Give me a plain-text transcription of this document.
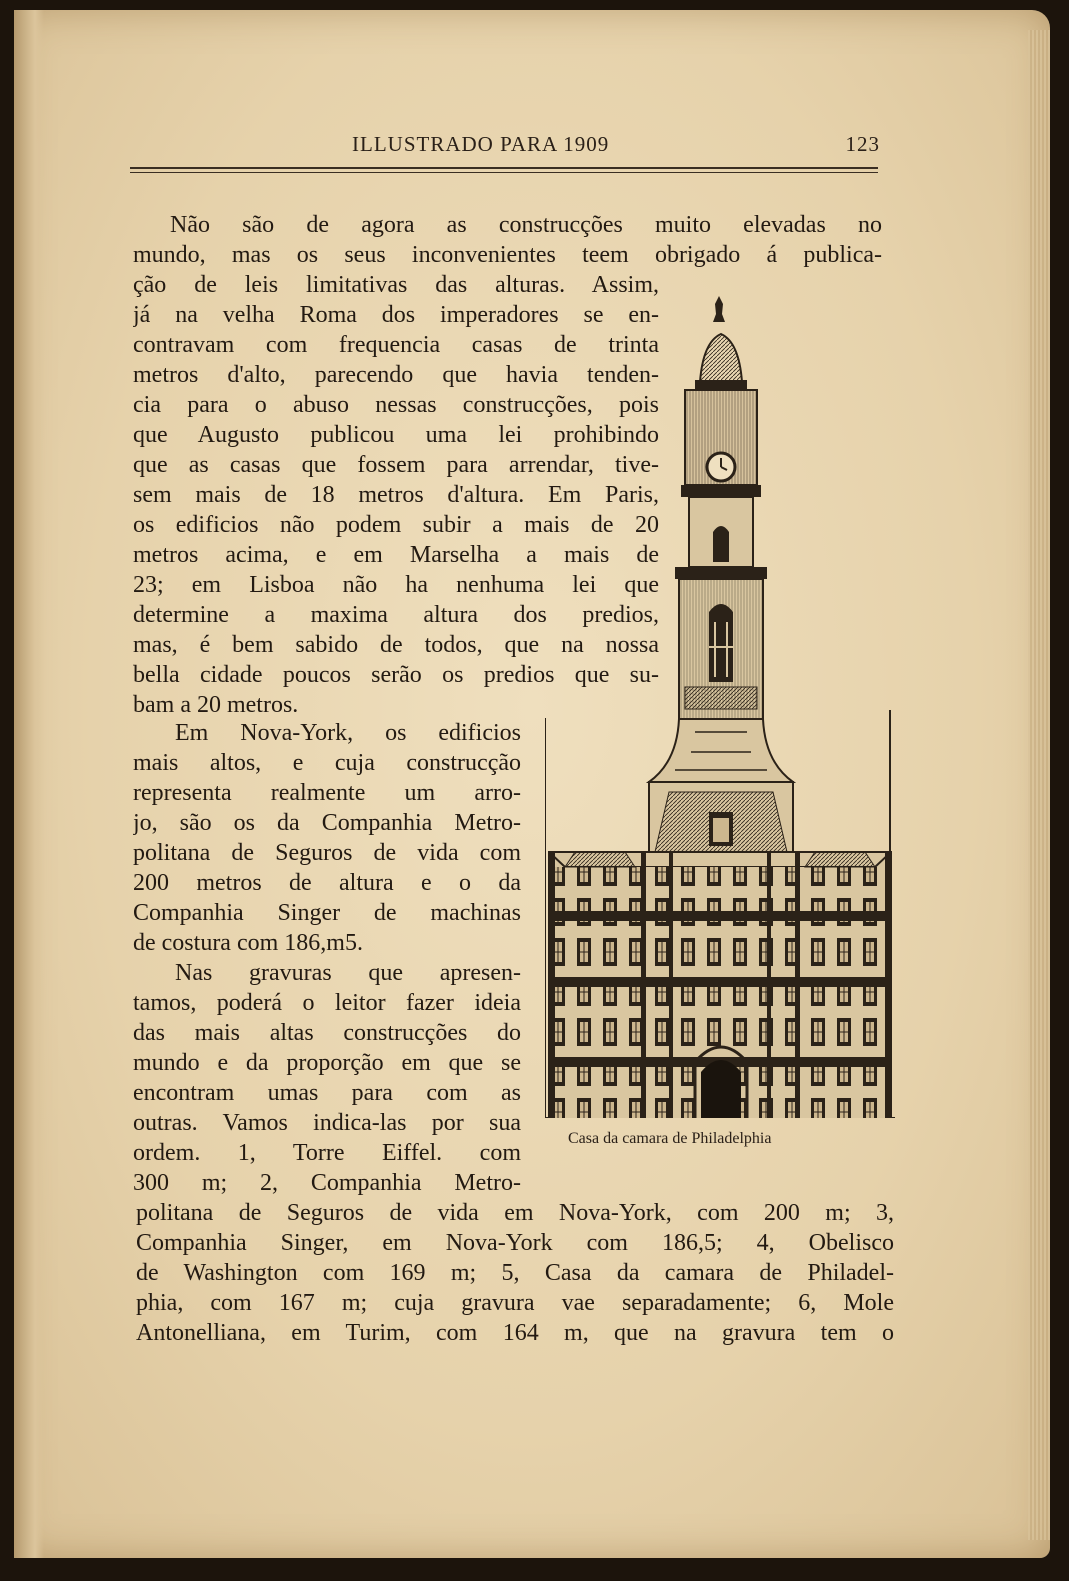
ILLUSTRADO PARA 1909	123
Não são de agora as construcções muito elevadas no
mundo, mas os seus inconvenientes teem obrigado á publica-
ção de leis limitativas das alturas. Assim,
já na velha Roma dos imperadores se en-
contravam com frequencia casas de trinta
metros d'alto, parecendo que havia tenden-
cia para o abuso nessas construcções, pois
que Augusto publicou uma lei prohibindo
que as casas que fossem para arrendar, tive-
sem mais de 18 metros d'altura. Em Paris,
os edificios não podem subir a mais de 20
metros acima, e em Marselha a mais de
23; em Lisboa não ha nenhuma lei que
determine a maxima altura dos predios,
mas, é bem sabido de todos, que na nossa
bella cidade poucos serão os predios que su-
bam a 20 metros.
Em Nova-York, os edificios
mais altos, e cuja construcção
representa realmente um arro-
jo, são os da Companhia Metro-
politana de Seguros de vida com
200 metros de altura e o da
Companhia Singer de machinas
de costura com 186,m5.
Nas gravuras que apresen-
tamos, poderá o leitor fazer ideia
das mais altas construcções do
mundo e da proporção em que se
encontram umas para com as
outras. Vamos indica-las por sua
ordem. 1, Torre Eiffel. com
300 m; 2, Companhia Metro-
politana de Seguros de vida em Nova-York, com 200 m; 3,
Companhia Singer, em Nova-York com 186,5; 4, Obelisco
de Washington com 169 m; 5, Casa da camara de Philadel-
phia, com 167 m; cuja gravura vae separadamente; 6, Mole
Antonelliana, em Turim, com 164 m, que na gravura tem o
Casa da camara de Philadelphia
